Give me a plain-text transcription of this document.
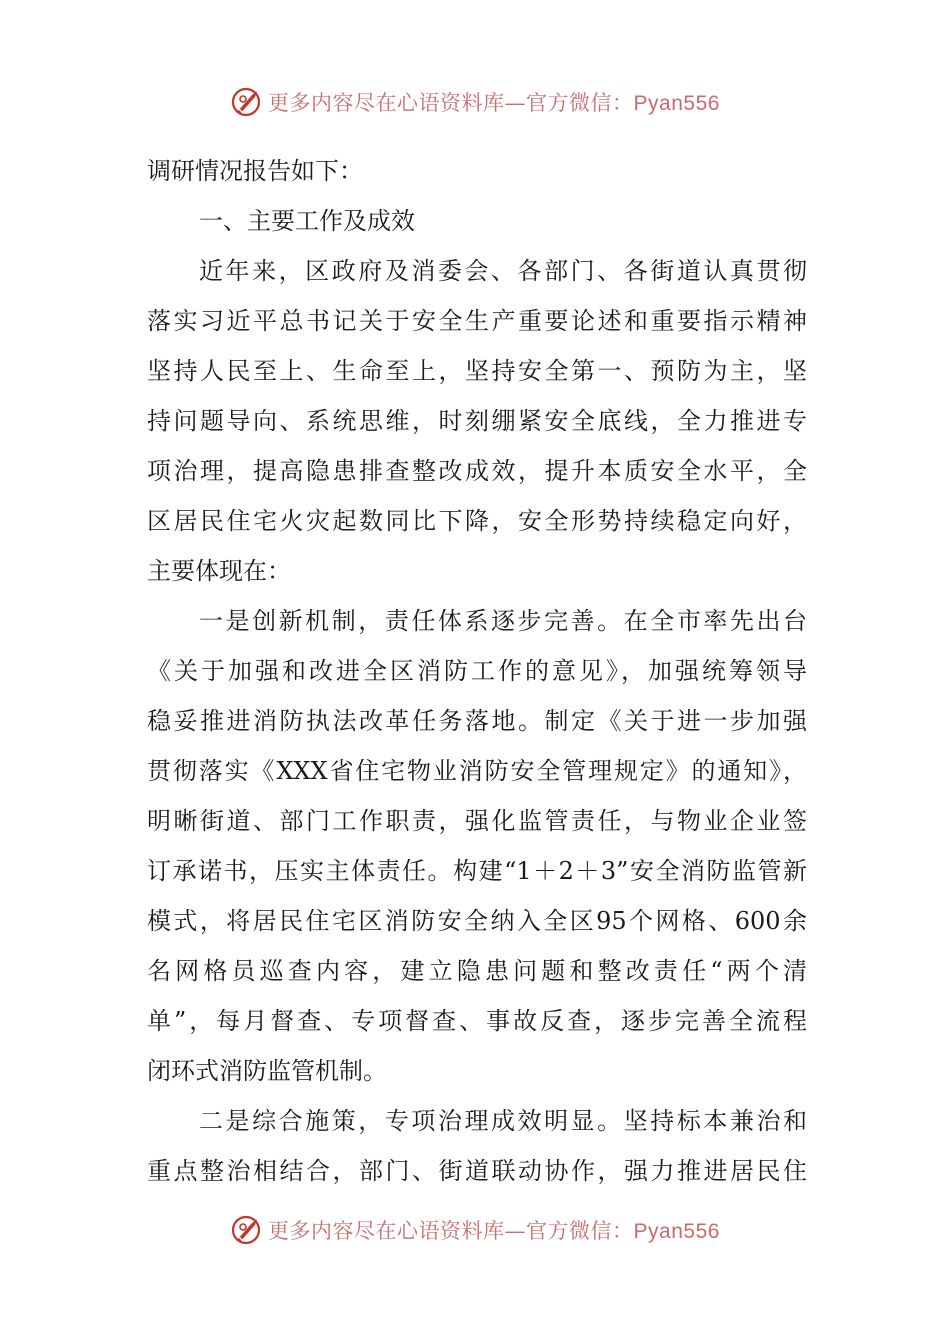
更多内容尽在心语资料库—官方微信：Pyan556
调研情况报告如下：
一、主要工作及成效
近年来，区政府及消委会、各部门、各街道认真贯彻
落实习近平总书记关于安全生产重要论述和重要指示精神
坚持人民至上、生命至上，坚持安全第一、预防为主，坚
持问题导向、系统思维，时刻绷紧安全底线，全力推进专
项治理，提高隐患排查整改成效，提升本质安全水平，全
区居民住宅火灾起数同比下降，安全形势持续稳定向好，
主要体现在：
一是创新机制，责任体系逐步完善。在全市率先出台
《关于加强和改进全区消防工作的意见》，加强统筹领导
稳妥推进消防执法改革任务落地。制定《关于进一步加强
贯彻落实《XXX省住宅物业消防安全管理规定》的通知》，
明晰街道、部门工作职责，强化监管责任，与物业企业签
订承诺书，压实主体责任。构建“1＋2＋3”安全消防监管新
模式，将居民住宅区消防安全纳入全区95个网格、600余
名网格员巡查内容，建立隐患问题和整改责任“两个清
单”，每月督查、专项督查、事故反查，逐步完善全流程
闭环式消防监管机制。
二是综合施策，专项治理成效明显。坚持标本兼治和
重点整治相结合，部门、街道联动协作，强力推进居民住
更多内容尽在心语资料库—官方微信：Pyan556
